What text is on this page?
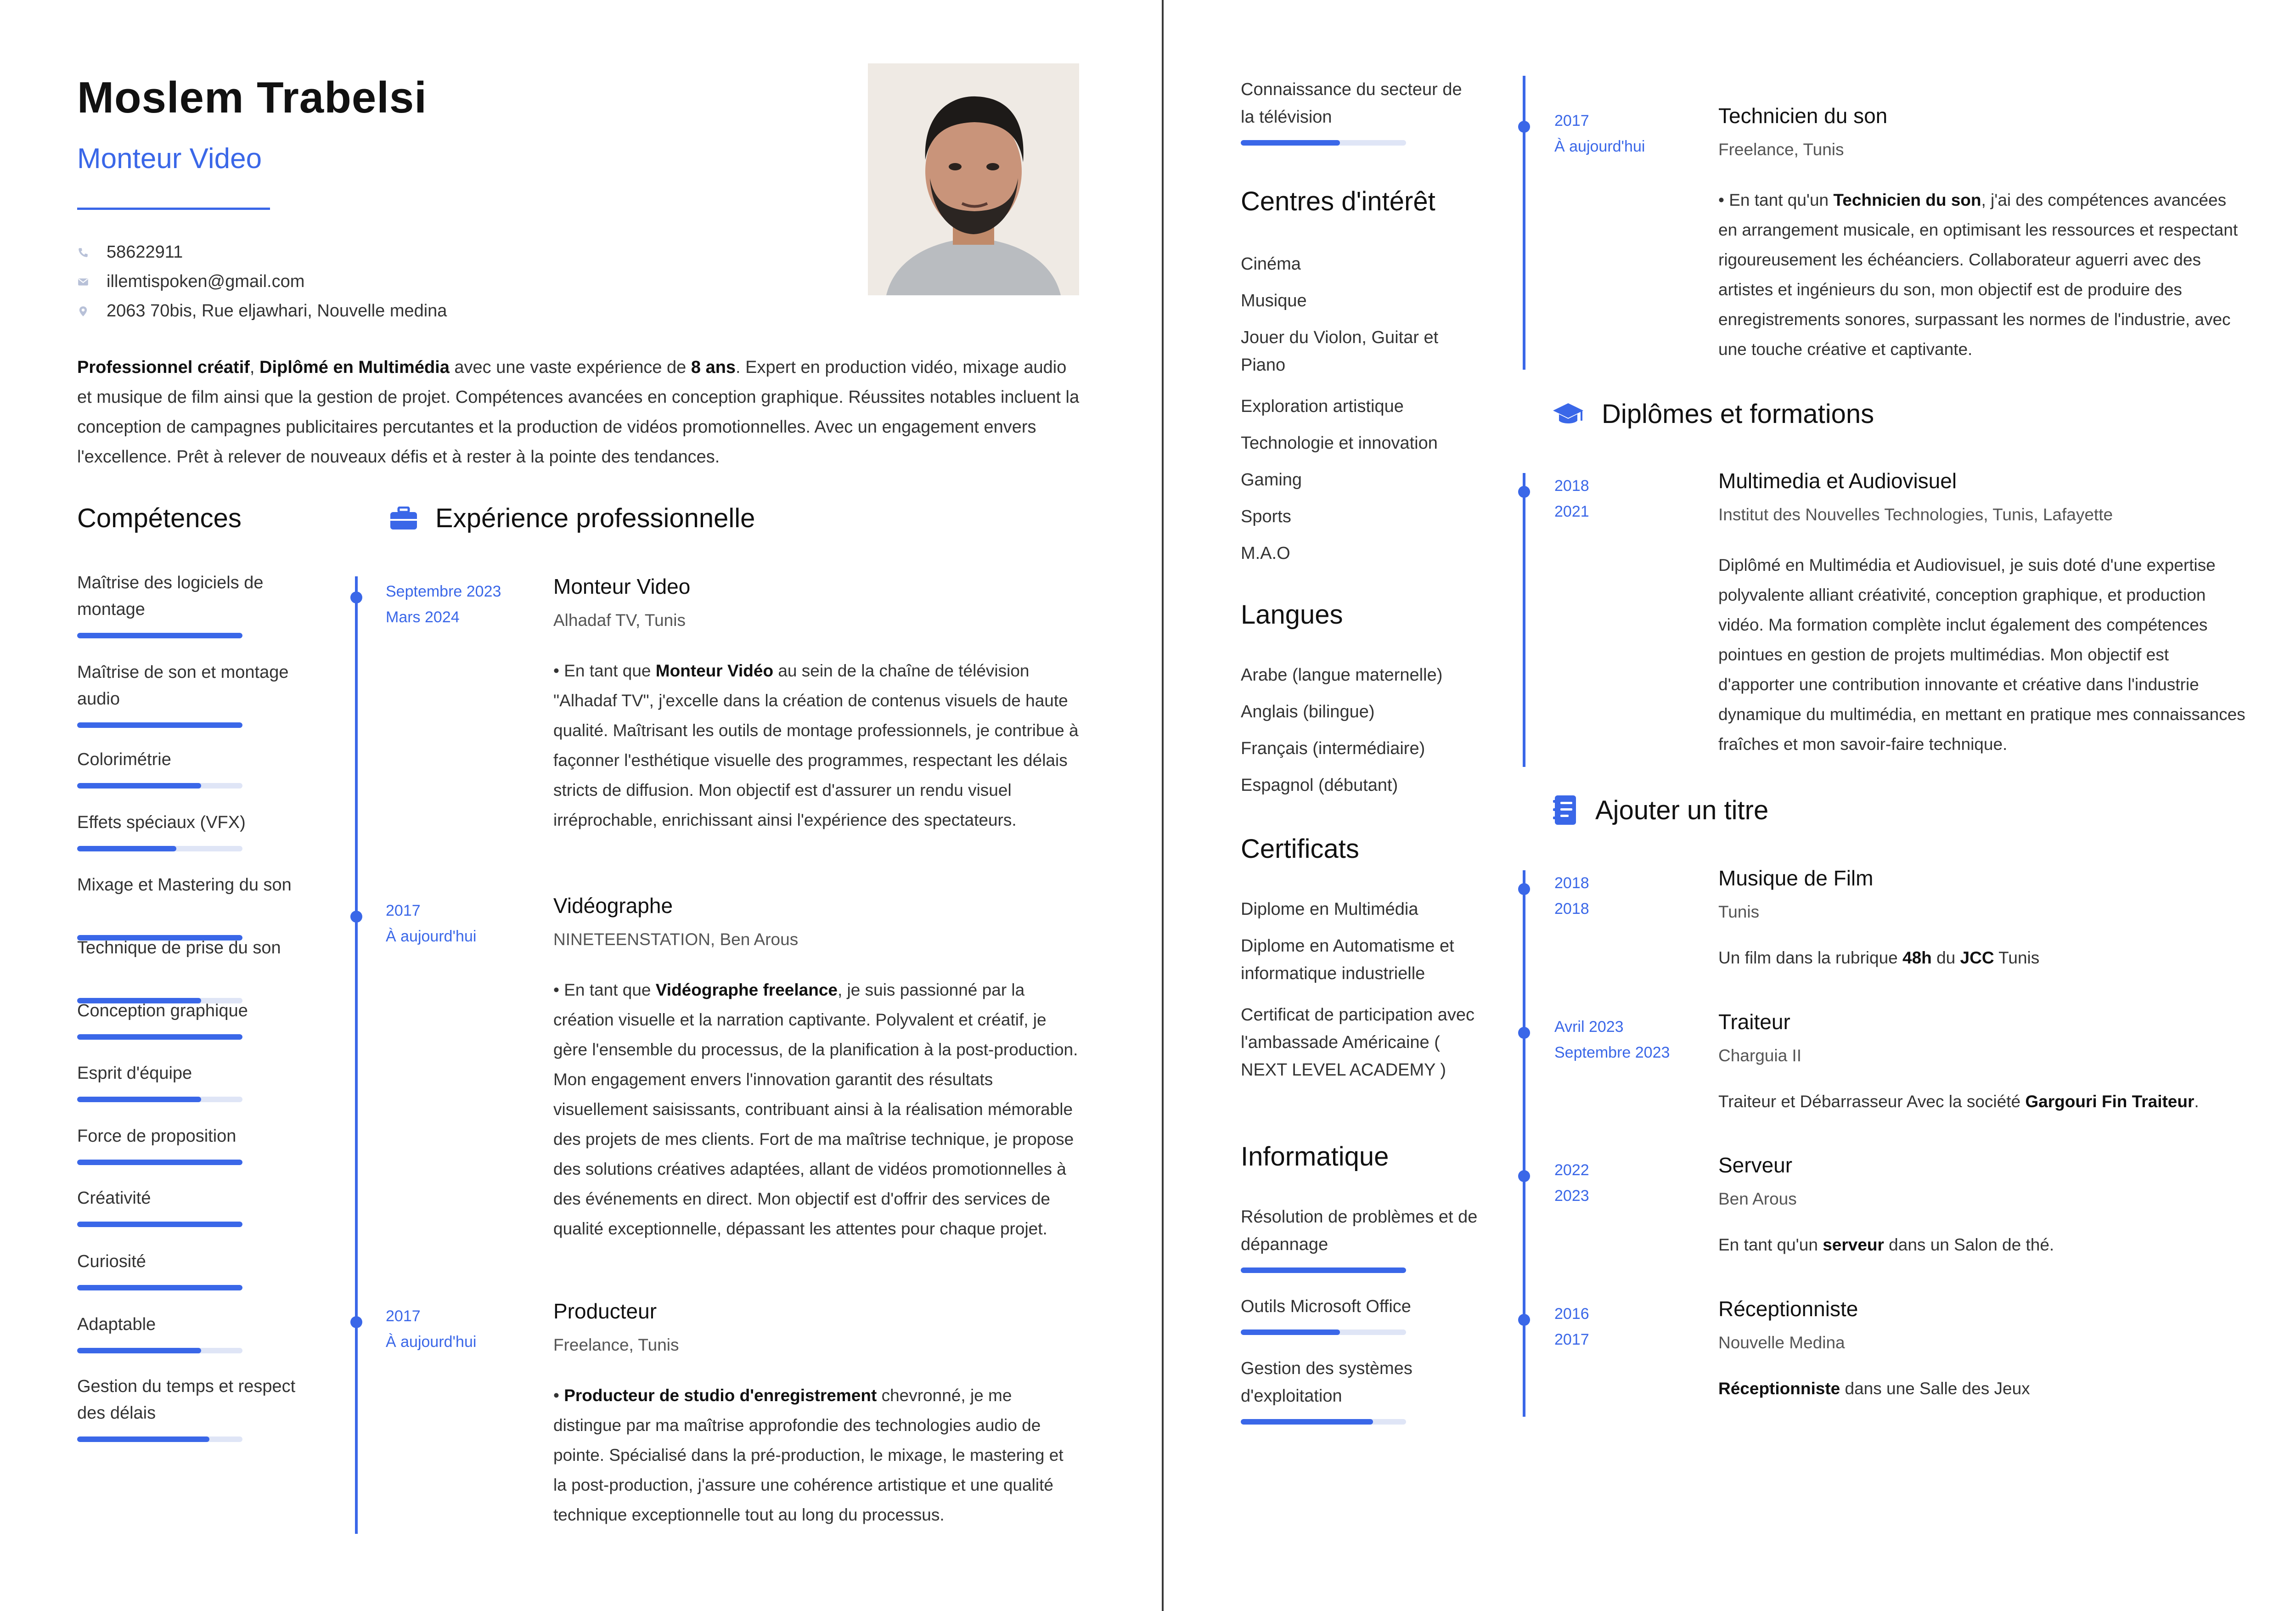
Moslem Trabelsi
Monteur Video
58622911
illemtispoken@gmail.com
2063 70bis, Rue eljawhari, Nouvelle medina
Professionnel créatif, Diplômé en Multimédia avec une vaste expérience de 8 ans. Expert en production vidéo, mixage audio et musique de film ainsi que la gestion de projet. Compétences avancées en conception graphique. Réussites notables incluent la conception de campagnes publicitaires percutantes et la production de vidéos promotionnelles. Avec un engagement envers l'excellence. Prêt à relever de nouveaux défis et à rester à la pointe des tendances.
Compétences
Maîtrise des logiciels de montage
Maîtrise de son et montage audio
Colorimétrie
Effets spéciaux (VFX)
Mixage et Mastering du son
Technique de prise du son
Conception graphique
Esprit d'équipe
Force de proposition
Créativité
Curiosité
Adaptable
Gestion du temps et respect des délais
Expérience professionnelle
Septembre 2023
Mars 2024
Monteur Video
Alhadaf TV, Tunis
• En tant que Monteur Vidéo au sein de la chaîne de télévision "Alhadaf TV", j'excelle dans la création de contenus visuels de haute qualité. Maîtrisant les outils de montage professionnels, je contribue à façonner l'esthétique visuelle des programmes, respectant les délais stricts de diffusion. Mon objectif est d'assurer un rendu visuel irréprochable, enrichissant ainsi l'expérience des spectateurs.
2017
À aujourd'hui
Vidéographe
NINETEENSTATION, Ben Arous
• En tant que Vidéographe freelance, je suis passionné par la création visuelle et la narration captivante. Polyvalent et créatif, je gère l'ensemble du processus, de la planification à la post-production. Mon engagement envers l'innovation garantit des résultats visuellement saisissants, contribuant ainsi à la réalisation mémorable des projets de mes clients. Fort de ma maîtrise technique, je propose des solutions créatives adaptées, allant de vidéos promotionnelles à des événements en direct. Mon objectif est d'offrir des services de qualité exceptionnelle, dépassant les attentes pour chaque projet.
2017
À aujourd'hui
Producteur
Freelance, Tunis
• Producteur de studio d'enregistrement chevronné, je me distingue par ma maîtrise approfondie des technologies audio de pointe. Spécialisé dans la pré-production, le mixage, le mastering et la post-production, j'assure une cohérence artistique et une qualité technique exceptionnelle tout au long du processus.
Connaissance du secteur de la télévision
Centres d'intérêt
Cinéma
Musique
Jouer du Violon, Guitar et Piano
Exploration artistique
Technologie et innovation
Gaming
Sports
M.A.O
Langues
Arabe (langue maternelle)
Anglais (bilingue)
Français (intermédiaire)
Espagnol (débutant)
Certificats
Diplome en Multimédia
Diplome en Automatisme et informatique industrielle
Certificat de participation avec l'ambassade Américaine ( NEXT LEVEL ACADEMY )
Informatique
Résolution de problèmes et de dépannage
Outils Microsoft Office
Gestion des systèmes d'exploitation
2017
À aujourd'hui
Technicien du son
Freelance, Tunis
• En tant qu'un Technicien du son, j'ai des compétences avancées en arrangement musicale, en optimisant les ressources et respectant rigoureusement les échéanciers. Collaborateur aguerri avec des artistes et ingénieurs du son, mon objectif est de produire des enregistrements sonores, surpassant les normes de l'industrie, avec une touche créative et captivante.
Diplômes et formations
2018
2021
Multimedia et Audiovisuel
Institut des Nouvelles Technologies, Tunis, Lafayette
Diplômé en Multimédia et Audiovisuel, je suis doté d'une expertise polyvalente alliant créativité, conception graphique, et production vidéo. Ma formation complète inclut également des compétences pointues en gestion de projets multimédias. Mon objectif est d'apporter une contribution innovante et créative dans l'industrie dynamique du multimédia, en mettant en pratique mes connaissances fraîches et mon savoir-faire technique.
Ajouter un titre
2018
2018
Musique de Film
Tunis
Un film dans la rubrique 48h du JCC Tunis
Avril 2023
Septembre 2023
Traiteur
Charguia II
Traiteur et Débarrasseur Avec la société Gargouri Fin Traiteur.
2022
2023
Serveur
Ben Arous
En tant qu'un serveur dans un Salon de thé.
2016
2017
Réceptionniste
Nouvelle Medina
Réceptionniste dans une Salle des Jeux
